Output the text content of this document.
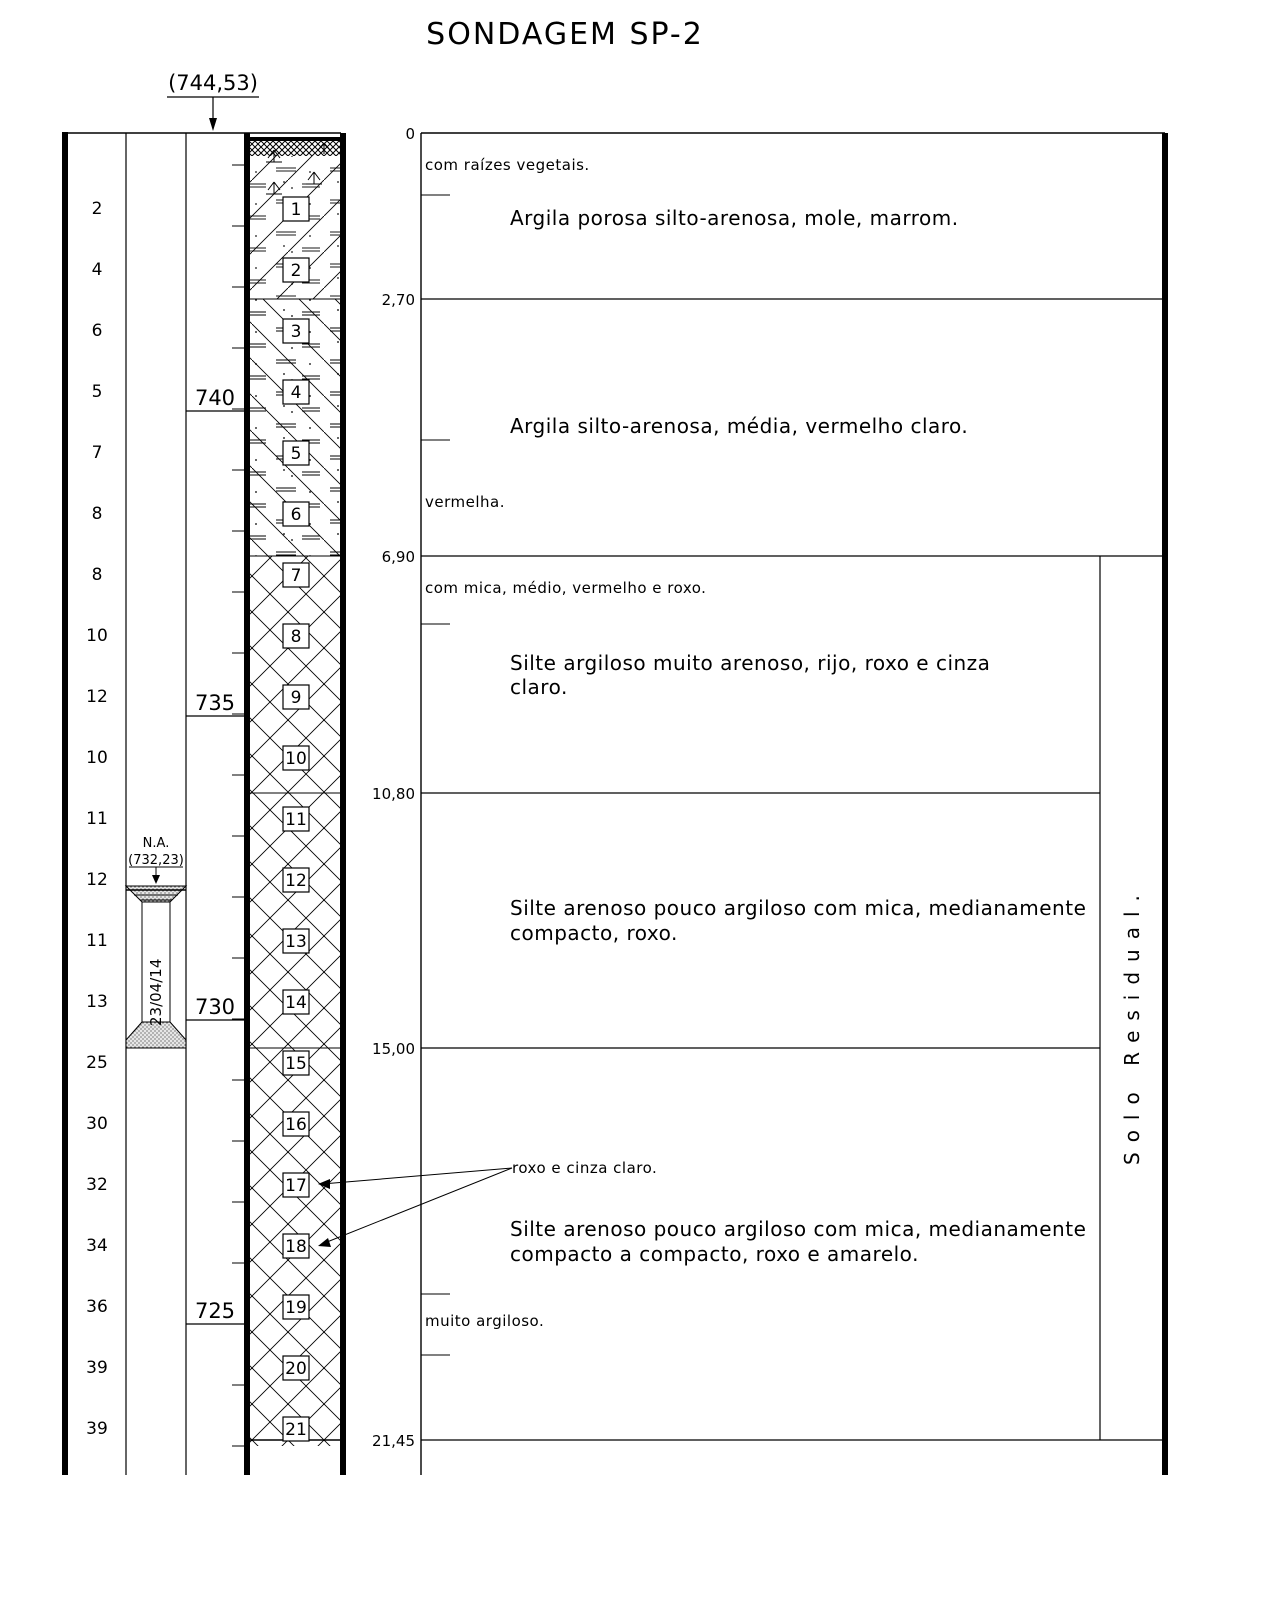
SONDAGEM SP-2
(744,53)
2
4
6
5
7
8
8
10
12
10
11
12
11
13
25
30
32
34
36
39
39
740
735
730
725
1
2
3
4
5
6
7
8
9
10
11
12
13
14
15
16
17
18
19
20
21
N.A.
(732,23)
23/04/14
0
com raízes vegetais.
Argila porosa silto-arenosa, mole, marrom.
2,70
Argila silto-arenosa, média, vermelho claro.
vermelha.
6,90
com mica, médio, vermelho e roxo.
Silte argiloso muito arenoso, rijo, roxo e cinza
claro.
10,80
Silte arenoso pouco argiloso com mica, medianamente
compacto, roxo.
15,00
roxo e cinza claro.
Silte arenoso pouco argiloso com mica, medianamente
compacto a compacto, roxo e amarelo.
muito argiloso.
21,45
Solo Residual.
